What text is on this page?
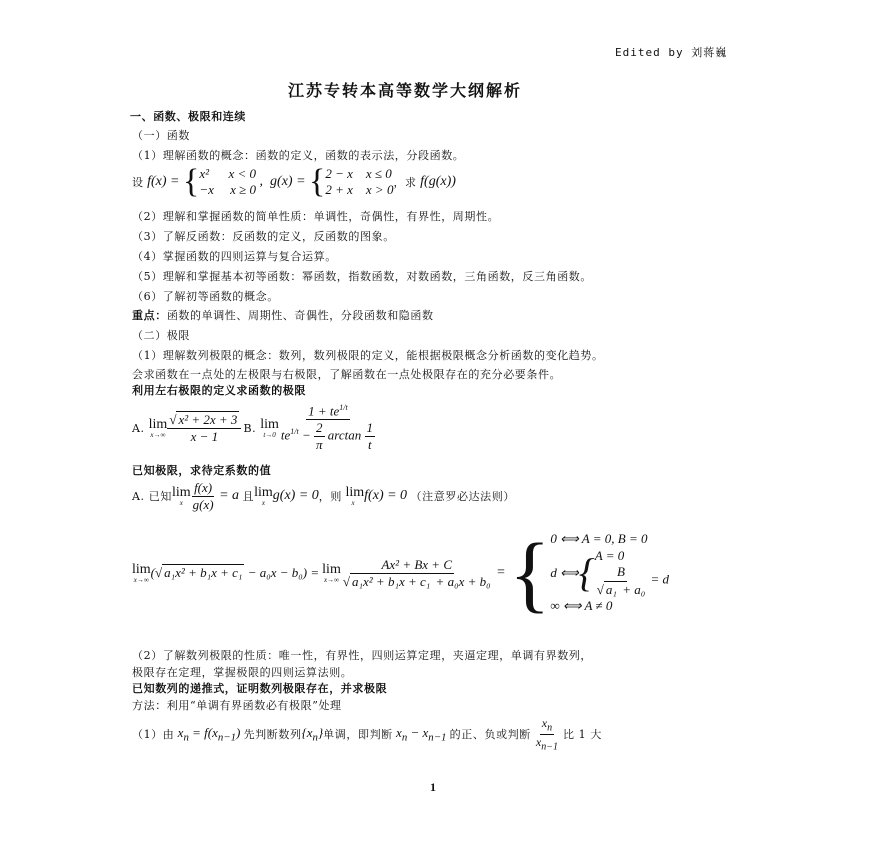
Edited by 刘蒋巍
江苏专转本高等数学大纲解析
一、函数、极限和连续
（一）函数
（1）理解函数的概念：函数的定义，函数的表示法，分段函数。
设 f(x) = { x²      x < 0
−x     x ≥ 0
,  g(x) = { 2 − x    x ≤ 0
2 + x    x > 0 ，求 f(g(x))
（2）理解和掌握函数的简单性质：单调性，奇偶性，有界性，周期性。
（3）了解反函数：反函数的定义，反函数的图象。
（4）掌握函数的四则运算与复合运算。
（5）理解和掌握基本初等函数：幂函数，指数函数，对数函数，三角函数，反三角函数。
（6）了解初等函数的概念。
重点：函数的单调性、周期性、奇偶性，分段函数和隐函数
（二）极限
（1）理解数列极限的概念：数列，数列极限的定义，能根据极限概念分析函数的变化趋势。
会求函数在一点处的左极限与右极限，了解函数在一点处极限存在的充分必要条件。
利用左右极限的定义求函数的极限
A. lim
$x\to\infty \frac{\text{√ x² + 2x + 3}}{x - 1} B$. lim
$t\to 0 \frac{1 + te^{1/t}}{te^{1/t} - \frac{2}{\pi} \arctan \frac{1}{t}}$
已知极限，求待定系数的值
A. 已知 lim
x $\frac{f(x)}{g(x)} = a$ 且 lim
x g(x) = 0 ，则 lim
x f(x) = 0 （注意罗必达法则）
lim
x→∞ (√ a₁x² + b₁x + c₁ − a₀x − b₀) = lim
$x\to\infty \frac{\text{Ax² + Bx + C}}{\text{√ a₁x² + b₁x + c₁ + a₀x + b₀}}$ = { 0 ⟺ A = 0, B = 0
d ⟺ { A = 0
$\frac{B}{\text{√ a₁ + a₀}} = d$
∞ ⟺ A ≠ 0
（2）了解数列极限的性质：唯一性，有界性，四则运算定理，夹逼定理，单调有界数列，
极限存在定理，掌握极限的四则运算法则。
已知数列的递推式，证明数列极限存在，并求极限
方法：利用“单调有界函数必有极限”处理
（1）由 $x_n = f(x_{n-1})$ 先判断数列 $\{x_n\}$ 单调，即判断 $x_n - x_{n-1}$ 的正、负或判断 $\frac{x_n}{x_{n-1}}$ 比 1 大
1
